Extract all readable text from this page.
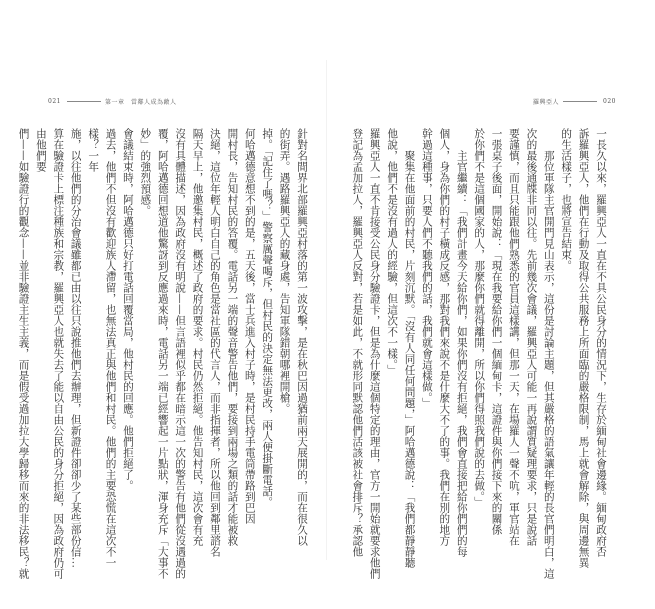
021	第一章　當鄰人成為敵人

針對名間界北部羅興亞村落的第一波攻擊，是在秋巴因過猶前兩天展開的，而在很久以

的街弄。遇路羅興亞人的藏身處，告知軍隊錯朝哪裡開槍。

掉。「記住了嗎？」警察厲聲喝斥，但村民的決定無法更改，兩人便掛斷電話。

何哈邁德意想不到的是，五天後，當士兵進入村子時，是村民持手電筒帶路到巴因

開村長，告知村民的答覆。電話另一端的聲音警告他們，要接到兩場之類的話才能被救

決絕，這位年輕人明白自己的角色是當社區的代言人，而非指揮者，所以他回到鄰里諮名

隔天早上，他邀集村民，概述了政府的要求。村民仍然拒絕。他告知村民，這次會有充

沒有具體描述，因為政府沒有明說——但言語裡似乎都在暗示這一次的警告有他們從沒遇過的

覆，阿哈邁德回想道他驚訝到反應過來時，電話另一端已經響起一片點狀，渾身充斥「大事不妙」的強烈預感。

會議結束時，阿哈邁德只好打電話回覆當局，他村民的回應。他們拒絕了。

過去，他們不但沒有歡迎族人滯留，也無法真正與他們和村民。他們的主要恐慌在這次不一樣？一年

施，以往他們的分治會議雖都已由以往只說推他們去辦理，但新證件卻卻少了某些部份信...

算在驗證卡上標注種族和宗教，羅興亞人也就失去了能以自由公民的身分拒絕，因為政府仍可由他們要

們——如驗證行的觀念——並非驗證主生主義，而是假受過加拉大學歸移而來的非法移民？就

羅興亞人	020

一長久以來，羅興亞人一直在不具公民身分的情況下，生存於緬甸社會邊緣。緬甸政府否

訴羅興亞人，他們在行動及取得公共服務上所面臨的嚴格限制，馬上就會解除，與周邊無異

的生活樣子，也將宣告結束。

　　那位軍隊主官開門見山表示，這份是討論主題，但其嚴格的語氣讓年輕的長官們明白，這

次的最後通牒非同以往。先前幾次會議，羅興亞人可能一再說謂質疑理要求，只是說話

要謹慎，而且只能跟他們熟悉的官員這樣講，但那一天，在場羅人一聲不吭，軍官站在

一張桌子後面，開始說：「現在我要給你們一個緬甸卡，這證件與你們接下來的關係

於你們不是這個國家的人，那麼你們就得離開，所以你們得照我們說的去做。」

　　主官繼續：「我們計畫今天給你們，如果你們沒有拒絕，我們會直接把給你們們的每

個人，身為你們的村子橫成反感，那對我們來說不是什麼大不了的事。我們在別的地方

幹過這種事，只要人們不聽我們的話，我們就會這樣做。」

　　聚集在他面前的村民，片刻沉默。「沒有人同任何問題，」阿哈邁德說：「我們都靜靜聽

他說，他們不是沒有過人的經驗，但這次不一樣。」

羅興亞人一直不肯接受公民身分驗證卡，但是為什麼這個特定的理由，官方一開始就要求他們

登記為孟加拉人，羅興亞人反對，若是如此，不就形同默認他們活該被社會排斥？承認他
